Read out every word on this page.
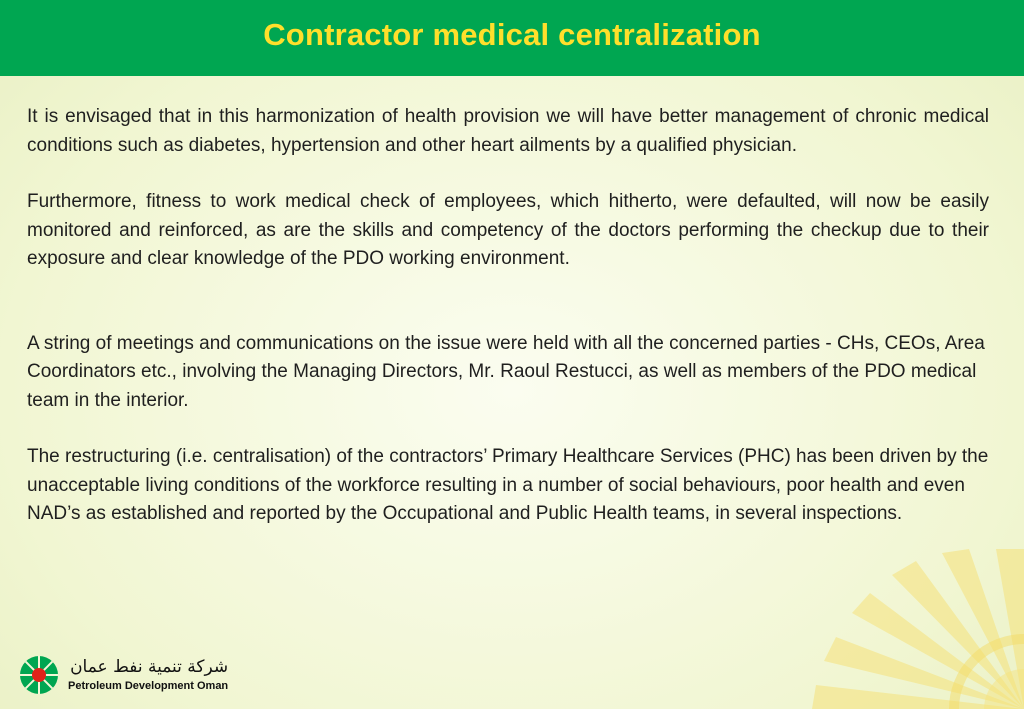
Contractor medical centralization

It is envisaged that in this harmonization of health provision we will have better management of chronic medical conditions such as diabetes, hypertension and other heart ailments by a qualified physician.

Furthermore, fitness to work medical check of employees, which hitherto, were defaulted, will now be easily monitored and reinforced, as are the skills and competency of the doctors performing the checkup due to their exposure and clear knowledge of the PDO working environment.

A string of meetings and communications on the issue were held with all the concerned parties - CHs, CEOs, Area Coordinators etc., involving the Managing Directors, Mr. Raoul Restucci, as well as members of the PDO medical team in the interior.

The restructuring (i.e. centralisation) of the contractors’ Primary Healthcare Services (PHC) has been driven by the unacceptable living conditions of the workforce resulting in a number of social behaviours, poor health and even NAD’s as established and reported by the Occupational and Public Health teams, in several inspections.

شركة تنمية نفط عمان
Petroleum Development Oman
